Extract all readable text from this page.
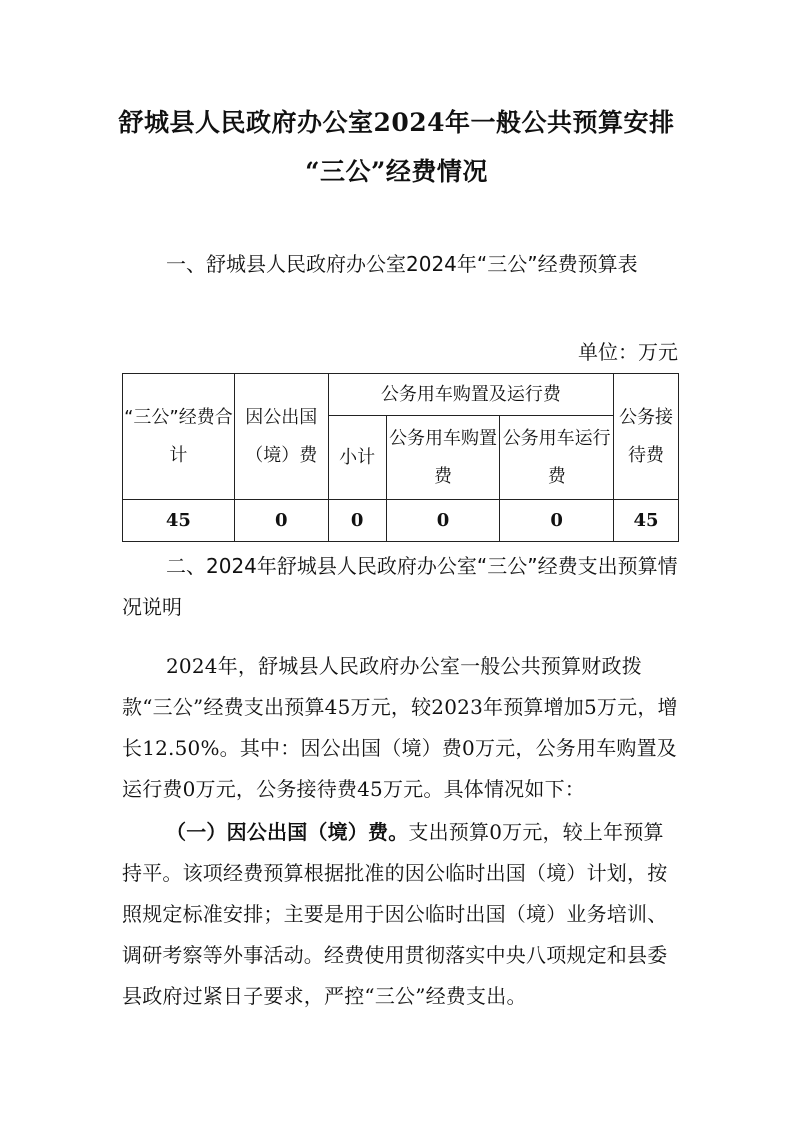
舒城县人民政府办公室2024年一般公共预算安排
“三公”经费情况
一、舒城县人民政府办公室2024年“三公”经费预算表
单位：万元
“三公”经费合计	因公出国（境）费	公务用车购置及运行费			公务接待费
		小计	公务用车购置费	公务用车运行费	
45	0	0	0	0	45
二、2024年舒城县人民政府办公室“三公”经费支出预算情况说明
2024年，舒城县人民政府办公室一般公共预算财政拨款“三公”经费支出预算45万元，较2023年预算增加5万元，增长12.50%。其中：因公出国（境）费0万元，公务用车购置及运行费0万元，公务接待费45万元。具体情况如下：
（一）因公出国（境）费。支出预算0万元，较上年预算持平。该项经费预算根据批准的因公临时出国（境）计划，按照规定标准安排；主要是用于因公临时出国（境）业务培训、调研考察等外事活动。经费使用贯彻落实中央八项规定和县委县政府过紧日子要求，严控“三公”经费支出。
